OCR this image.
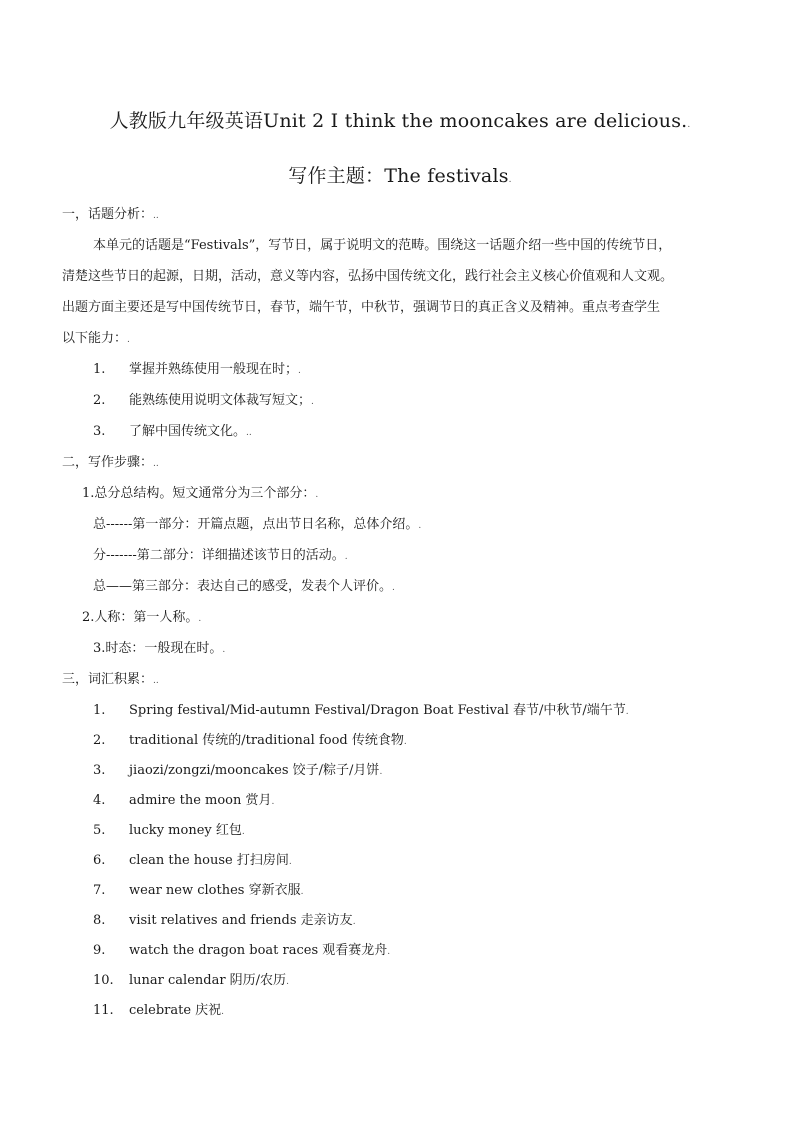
人教版九年级英语Unit 2 I think the mooncakes are delicious..
写作主题：The festivals.
一，话题分析：..
本单元的话题是“Festivals”，写节日，属于说明文的范畴。围绕这一话题介绍一些中国的传统节日，
清楚这些节日的起源，日期，活动，意义等内容，弘扬中国传统文化，践行社会主义核心价值观和人文观。
出题方面主要还是写中国传统节日，春节，端午节，中秋节，强调节日的真正含义及精神。重点考查学生
以下能力：.
1. 掌握并熟练使用一般现在时；.
2. 能熟练使用说明文体裁写短文；.
3. 了解中国传统文化。..
二，写作步骤：..
1.总分总结构。短文通常分为三个部分：.
总------第一部分：开篇点题，点出节日名称，总体介绍。.
分-------第二部分：详细描述该节日的活动。.
总——第三部分：表达自己的感受，发表个人评价。.
2.人称：第一人称。.
3.时态：一般现在时。.
三，词汇积累：..
1. Spring festival/Mid-autumn Festival/Dragon Boat Festival 春节/中秋节/端午节.
2. traditional 传统的/traditional food 传统食物.
3. jiaozi/zongzi/mooncakes 饺子/粽子/月饼.
4. admire the moon 赏月.
5. lucky money 红包.
6. clean the house 打扫房间.
7. wear new clothes 穿新衣服.
8. visit relatives and friends 走亲访友.
9. watch the dragon boat races 观看赛龙舟.
10. lunar calendar 阴历/农历.
11. celebrate 庆祝.
